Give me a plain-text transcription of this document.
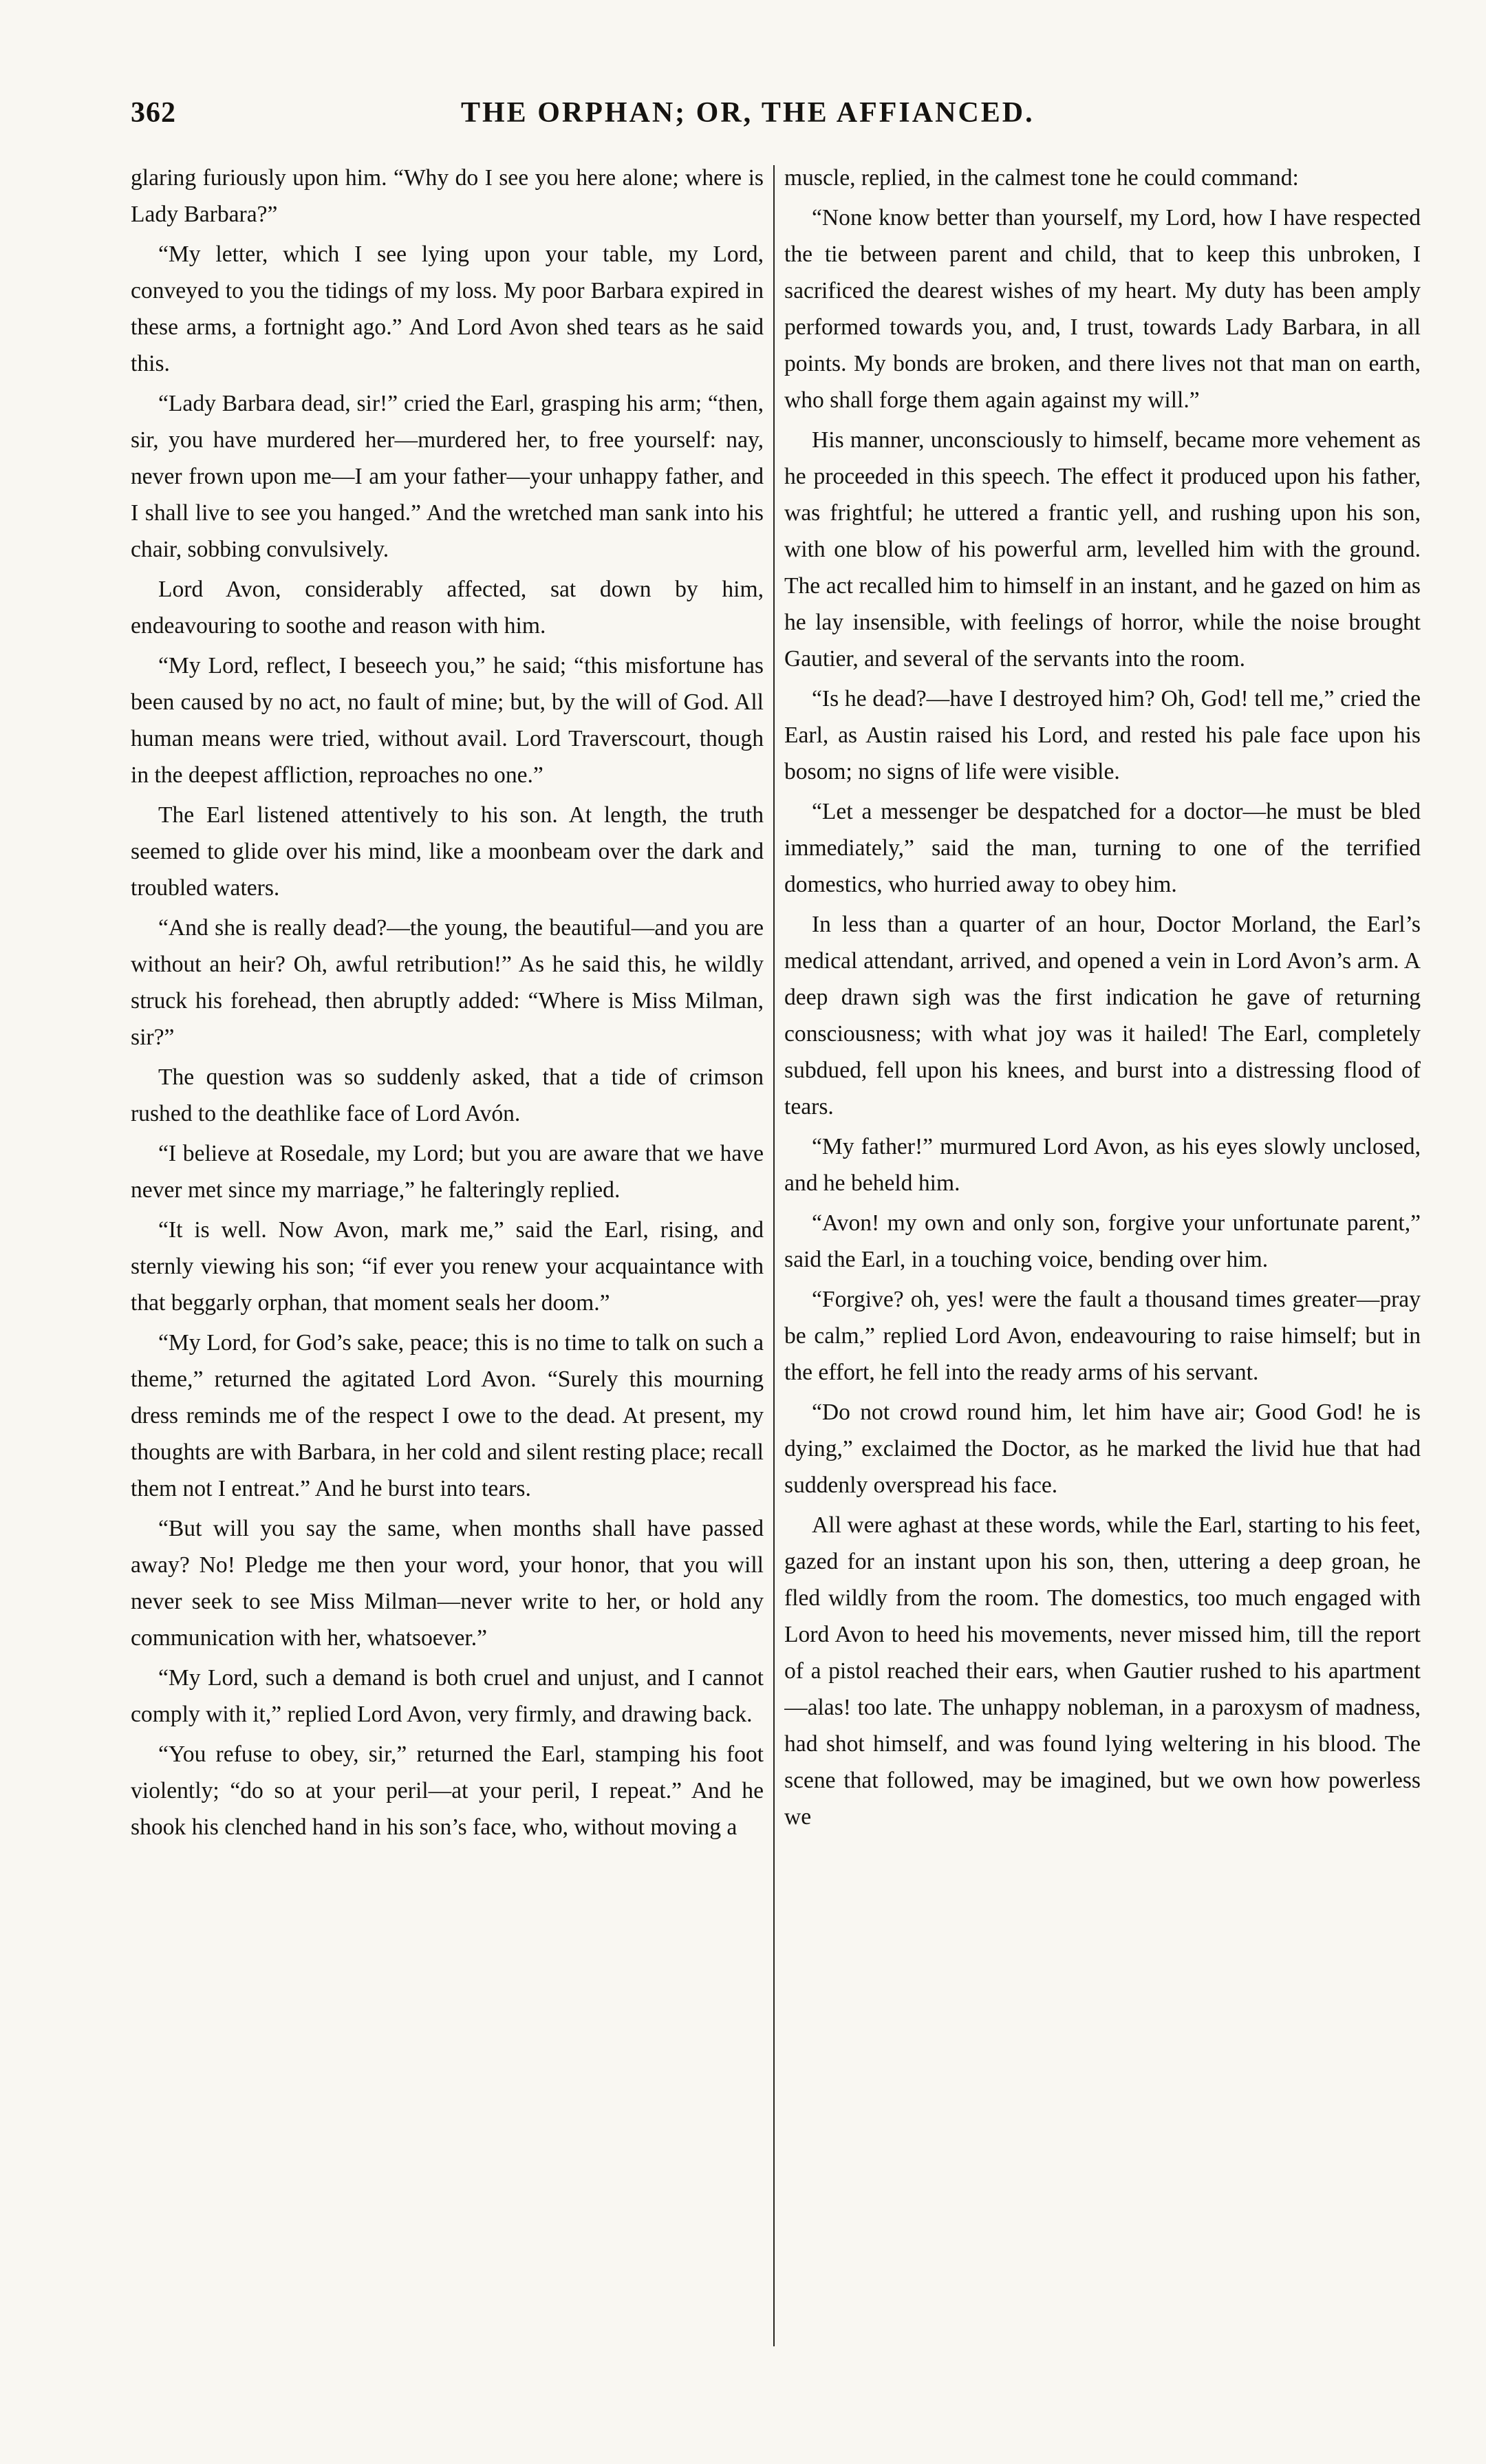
362	THE ORPHAN; OR, THE AFFIANCED.

glaring furiously upon him. “Why do I see you here alone; where is Lady Barbara?”

“My letter, which I see lying upon your table, my Lord, conveyed to you the tidings of my loss. My poor Barbara expired in these arms, a fortnight ago.” And Lord Avon shed tears as he said this.

“Lady Barbara dead, sir!” cried the Earl, grasping his arm; “then, sir, you have murdered her—murdered her, to free yourself: nay, never frown upon me—I am your father—your unhappy father, and I shall live to see you hanged.” And the wretched man sank into his chair, sobbing convulsively.

Lord Avon, considerably affected, sat down by him, endeavouring to soothe and reason with him.

“My Lord, reflect, I beseech you,” he said; “this misfortune has been caused by no act, no fault of mine; but, by the will of God. All human means were tried, without avail. Lord Traverscourt, though in the deepest affliction, reproaches no one.”

The Earl listened attentively to his son. At length, the truth seemed to glide over his mind, like a moonbeam over the dark and troubled waters.

“And she is really dead?—the young, the beautiful—and you are without an heir? Oh, awful retribution!” As he said this, he wildly struck his forehead, then abruptly added: “Where is Miss Milman, sir?”

The question was so suddenly asked, that a tide of crimson rushed to the deathlike face of Lord Avón.

“I believe at Rosedale, my Lord; but you are aware that we have never met since my marriage,” he falteringly replied.

“It is well. Now Avon, mark me,” said the Earl, rising, and sternly viewing his son; “if ever you renew your acquaintance with that beggarly orphan, that moment seals her doom.”

“My Lord, for God’s sake, peace; this is no time to talk on such a theme,” returned the agitated Lord Avon. “Surely this mourning dress reminds me of the respect I owe to the dead. At present, my thoughts are with Barbara, in her cold and silent resting place; recall them not I entreat.” And he burst into tears.

“But will you say the same, when months shall have passed away? No! Pledge me then your word, your honor, that you will never seek to see Miss Milman—never write to her, or hold any communication with her, whatsoever.”

“My Lord, such a demand is both cruel and unjust, and I cannot comply with it,” replied Lord Avon, very firmly, and drawing back.

“You refuse to obey, sir,” returned the Earl, stamping his foot violently; “do so at your peril—at your peril, I repeat.” And he shook his clenched hand in his son’s face, who, without moving a

muscle, replied, in the calmest tone he could command:

“None know better than yourself, my Lord, how I have respected the tie between parent and child, that to keep this unbroken, I sacrificed the dearest wishes of my heart. My duty has been amply performed towards you, and, I trust, towards Lady Barbara, in all points. My bonds are broken, and there lives not that man on earth, who shall forge them again against my will.”

His manner, unconsciously to himself, became more vehement as he proceeded in this speech. The effect it produced upon his father, was frightful; he uttered a frantic yell, and rushing upon his son, with one blow of his powerful arm, levelled him with the ground. The act recalled him to himself in an instant, and he gazed on him as he lay insensible, with feelings of horror, while the noise brought Gautier, and several of the servants into the room.

“Is he dead?—have I destroyed him? Oh, God! tell me,” cried the Earl, as Austin raised his Lord, and rested his pale face upon his bosom; no signs of life were visible.

“Let a messenger be despatched for a doctor—he must be bled immediately,” said the man, turning to one of the terrified domestics, who hurried away to obey him.

In less than a quarter of an hour, Doctor Morland, the Earl’s medical attendant, arrived, and opened a vein in Lord Avon’s arm. A deep drawn sigh was the first indication he gave of returning consciousness; with what joy was it hailed! The Earl, completely subdued, fell upon his knees, and burst into a distressing flood of tears.

“My father!” murmured Lord Avon, as his eyes slowly unclosed, and he beheld him.

“Avon! my own and only son, forgive your unfortunate parent,” said the Earl, in a touching voice, bending over him.

“Forgive? oh, yes! were the fault a thousand times greater—pray be calm,” replied Lord Avon, endeavouring to raise himself; but in the effort, he fell into the ready arms of his servant.

“Do not crowd round him, let him have air; Good God! he is dying,” exclaimed the Doctor, as he marked the livid hue that had suddenly overspread his face.

All were aghast at these words, while the Earl, starting to his feet, gazed for an instant upon his son, then, uttering a deep groan, he fled wildly from the room. The domestics, too much engaged with Lord Avon to heed his movements, never missed him, till the report of a pistol reached their ears, when Gautier rushed to his apartment—alas! too late. The unhappy nobleman, in a paroxysm of madness, had shot himself, and was found lying weltering in his blood. The scene that followed, may be imagined, but we own how powerless we
